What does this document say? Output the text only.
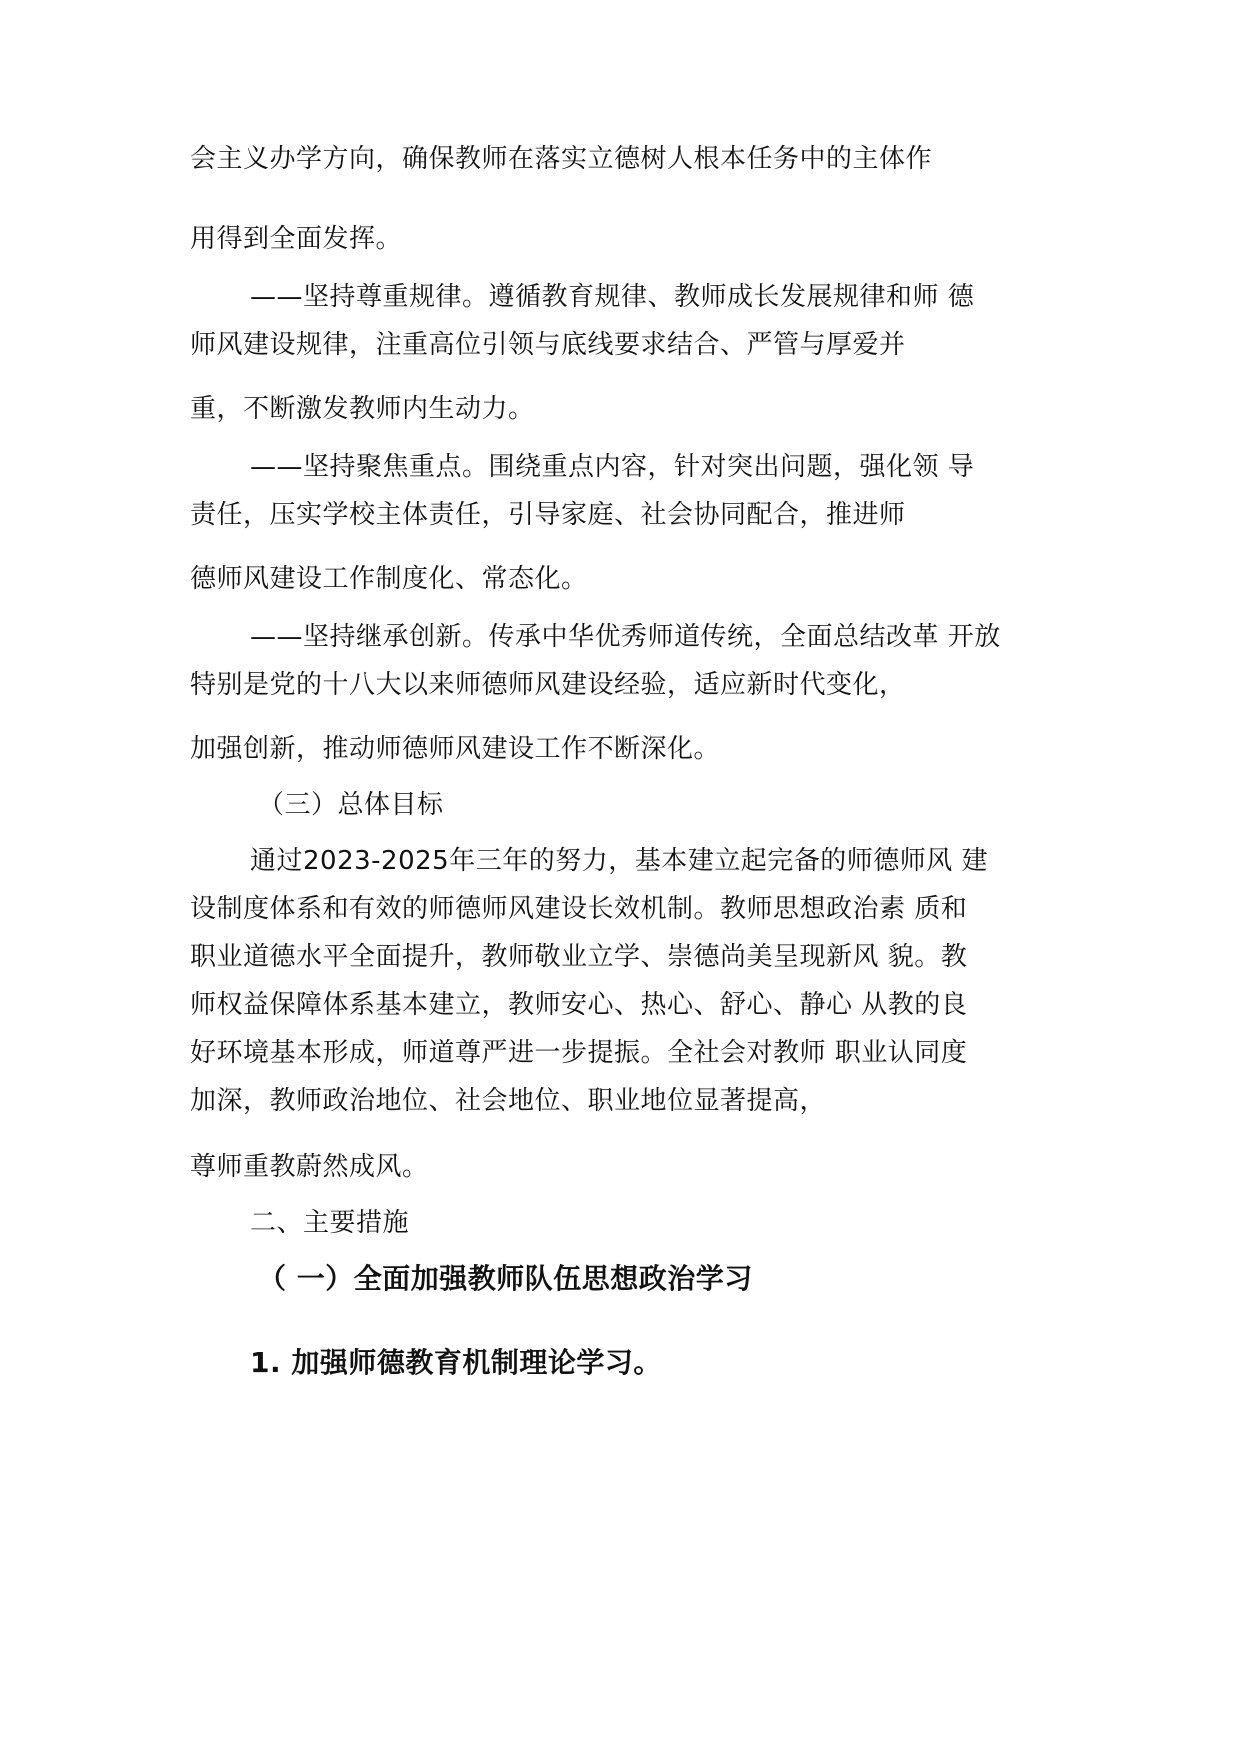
会主义办学方向，确保教师在落实立德树人根本任务中的主体作

用得到全面发挥。

——坚持尊重规律。遵循教育规律、教师成长发展规律和师 德

师风建设规律，注重高位引领与底线要求结合、严管与厚爱并

重，不断激发教师内生动力。

——坚持聚焦重点。围绕重点内容，针对突出问题，强化领 导

责任，压实学校主体责任，引导家庭、社会协同配合，推进师

德师风建设工作制度化、常态化。

——坚持继承创新。传承中华优秀师道传统，全面总结改革 开放

特别是党的十八大以来师德师风建设经验，适应新时代变化，

加强创新，推动师德师风建设工作不断深化。

（三）总体目标

通过2023-2025年三年的努力，基本建立起完备的师德师风 建

设制度体系和有效的师德师风建设长效机制。教师思想政治素 质和

职业道德水平全面提升，教师敬业立学、崇德尚美呈现新风 貌。教

师权益保障体系基本建立，教师安心、热心、舒心、静心 从教的良

好环境基本形成，师道尊严进一步提振。全社会对教师 职业认同度

加深，教师政治地位、社会地位、职业地位显著提高，

尊师重教蔚然成风。

二、主要措施

（ 一）全面加强教师队伍思想政治学习

1. 加强师德教育机制理论学习。
